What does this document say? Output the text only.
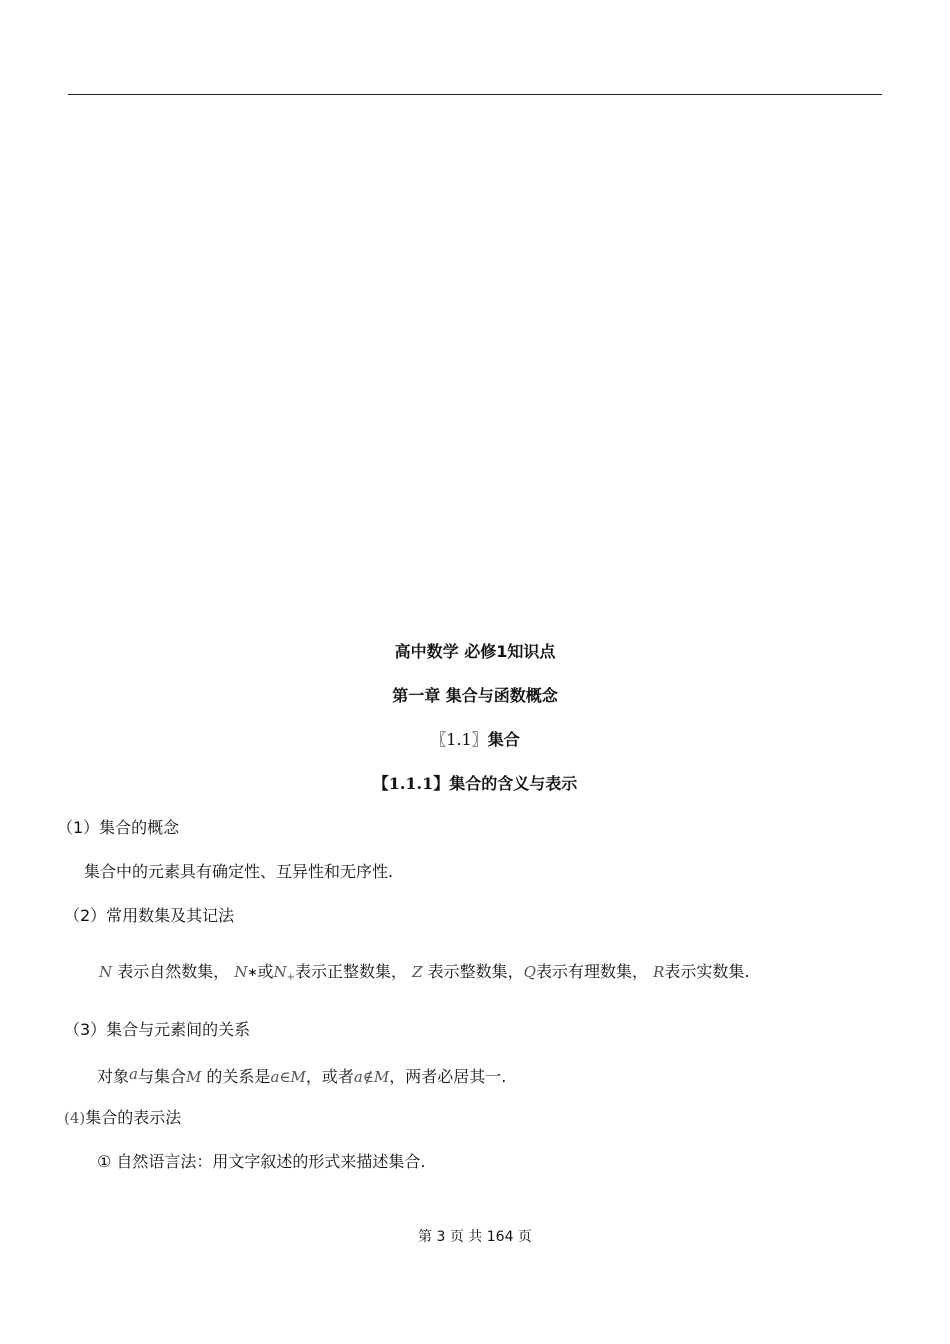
高中数学 必修1知识点
第一章 集合与函数概念
〖1.1〗集合
【1.1.1】集合的含义与表示
（1）集合的概念
集合中的元素具有确定性、互异性和无序性.
（2）常用数集及其记法
N 表示自然数集， N∗或$N_+$表示正整数集， Z 表示整数集，Q表示有理数集， R表示实数集.
（3）集合与元素间的关系
对象a与集合M 的关系是a∈M，或者a∉M，两者必居其一.
(4)集合的表示法
① 自然语言法：用文字叙述的形式来描述集合.
第 3 页 共 164 页
